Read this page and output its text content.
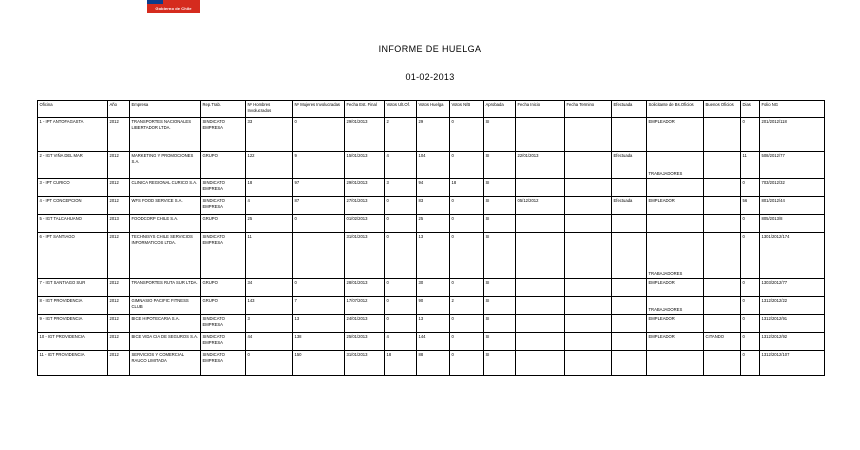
Gobierno de Chile
INFORME DE HUELGA
01-02-2013
Oficina	Año	Empresa	Rep.Trab.	Nº Hombres Involucrados	Nº Mujeres Involucradas	Fecha Est. Final	Votos Ult.Of.	Votos Huelga	Votos N/B	Aprobada	Fecha Inicio	Fecha Termino	Efectuada	Solicitante de Bs.Oficios	Buenos Oficios	Dias	Folio NG
1 - IPT ANTOFAGASTA	2012	TRANSPORTES NACIONALES LIBERTADOR LTDA.	SINDICATO EMPRESA	33	0	29/01/2013	2	29	0	SI				EMPLEADOR		0	201/2012/118
2 - IGT VIÑA DEL MAR	2012	MARKETING Y PROMOCIONES S.A.	GRUPO	122	9	15/01/2013	4	104	0	SI	22/01/2013		Efectuada	TRABAJADORES		11	508/2012/77
3 - IPT CURICO	2012	CLINICA REGIONAL CURICO S.A.	SINDICATO EMPRESA	18	97	29/01/2013	3	94	18	SI						0	703/2012/32
4 - IPT CONCEPCION	2012	WFS FOOD SERVICE S.A.	SINDICATO EMPRESA	4	87	27/01/2013	0	83	0	SI	05/12/2012		Efectuada	EMPLEADOR		56	801/2012/44
5 - IGT TALCAHUANO	2013	FOODCORP CHILE S.A.	GRUPO	25	0	01/02/2013	0	25	0	SI						0	805/2013/8
6 - IPT SANTIAGO	2012	TECHNISYS CHILE SERVICIOS INFORMATICOS LTDA.	SINDICATO EMPRESA	11		31/01/2013	0	13	0	SI				TRABAJADORES		0	1301/2012/174
7 - IGT SANTIAGO SUR	2012	TRANSPORTES RUTA SUR LTDA.	GRUPO	34	0	28/01/2013	0	30	0	SI				EMPLEADOR		0	1303/2012/77
8 - IGT PROVIDENCIA	2012	GIMNASIO PACIFIC FITNESS CLUB	GRUPO	143	7	17/07/2012	0	90	2	SI				TRABAJADORES		0	1312/2012/22
9 - IGT PROVIDENCIA	2012	BICE HIPOTECARIA S.A.	SINDICATO EMPRESA	3	13	24/01/2013	0	13	0	SI				EMPLEADOR		0	1312/2012/91
10 - IGT PROVIDENCIA	2012	BICE VIDA CIA DE SEGUROS S.A.	SINDICATO EMPRESA	44	138	25/01/2013	4	144	0	SI				EMPLEADOR	CITANDO	0	1312/2012/92
11 - IGT PROVIDENCIA	2012	SERVICIOS Y COMERCIAL RAUCO LIMITADA	SINDICATO EMPRESA	0	150	31/01/2013	18	88	0	SI						0	1312/2012/107
